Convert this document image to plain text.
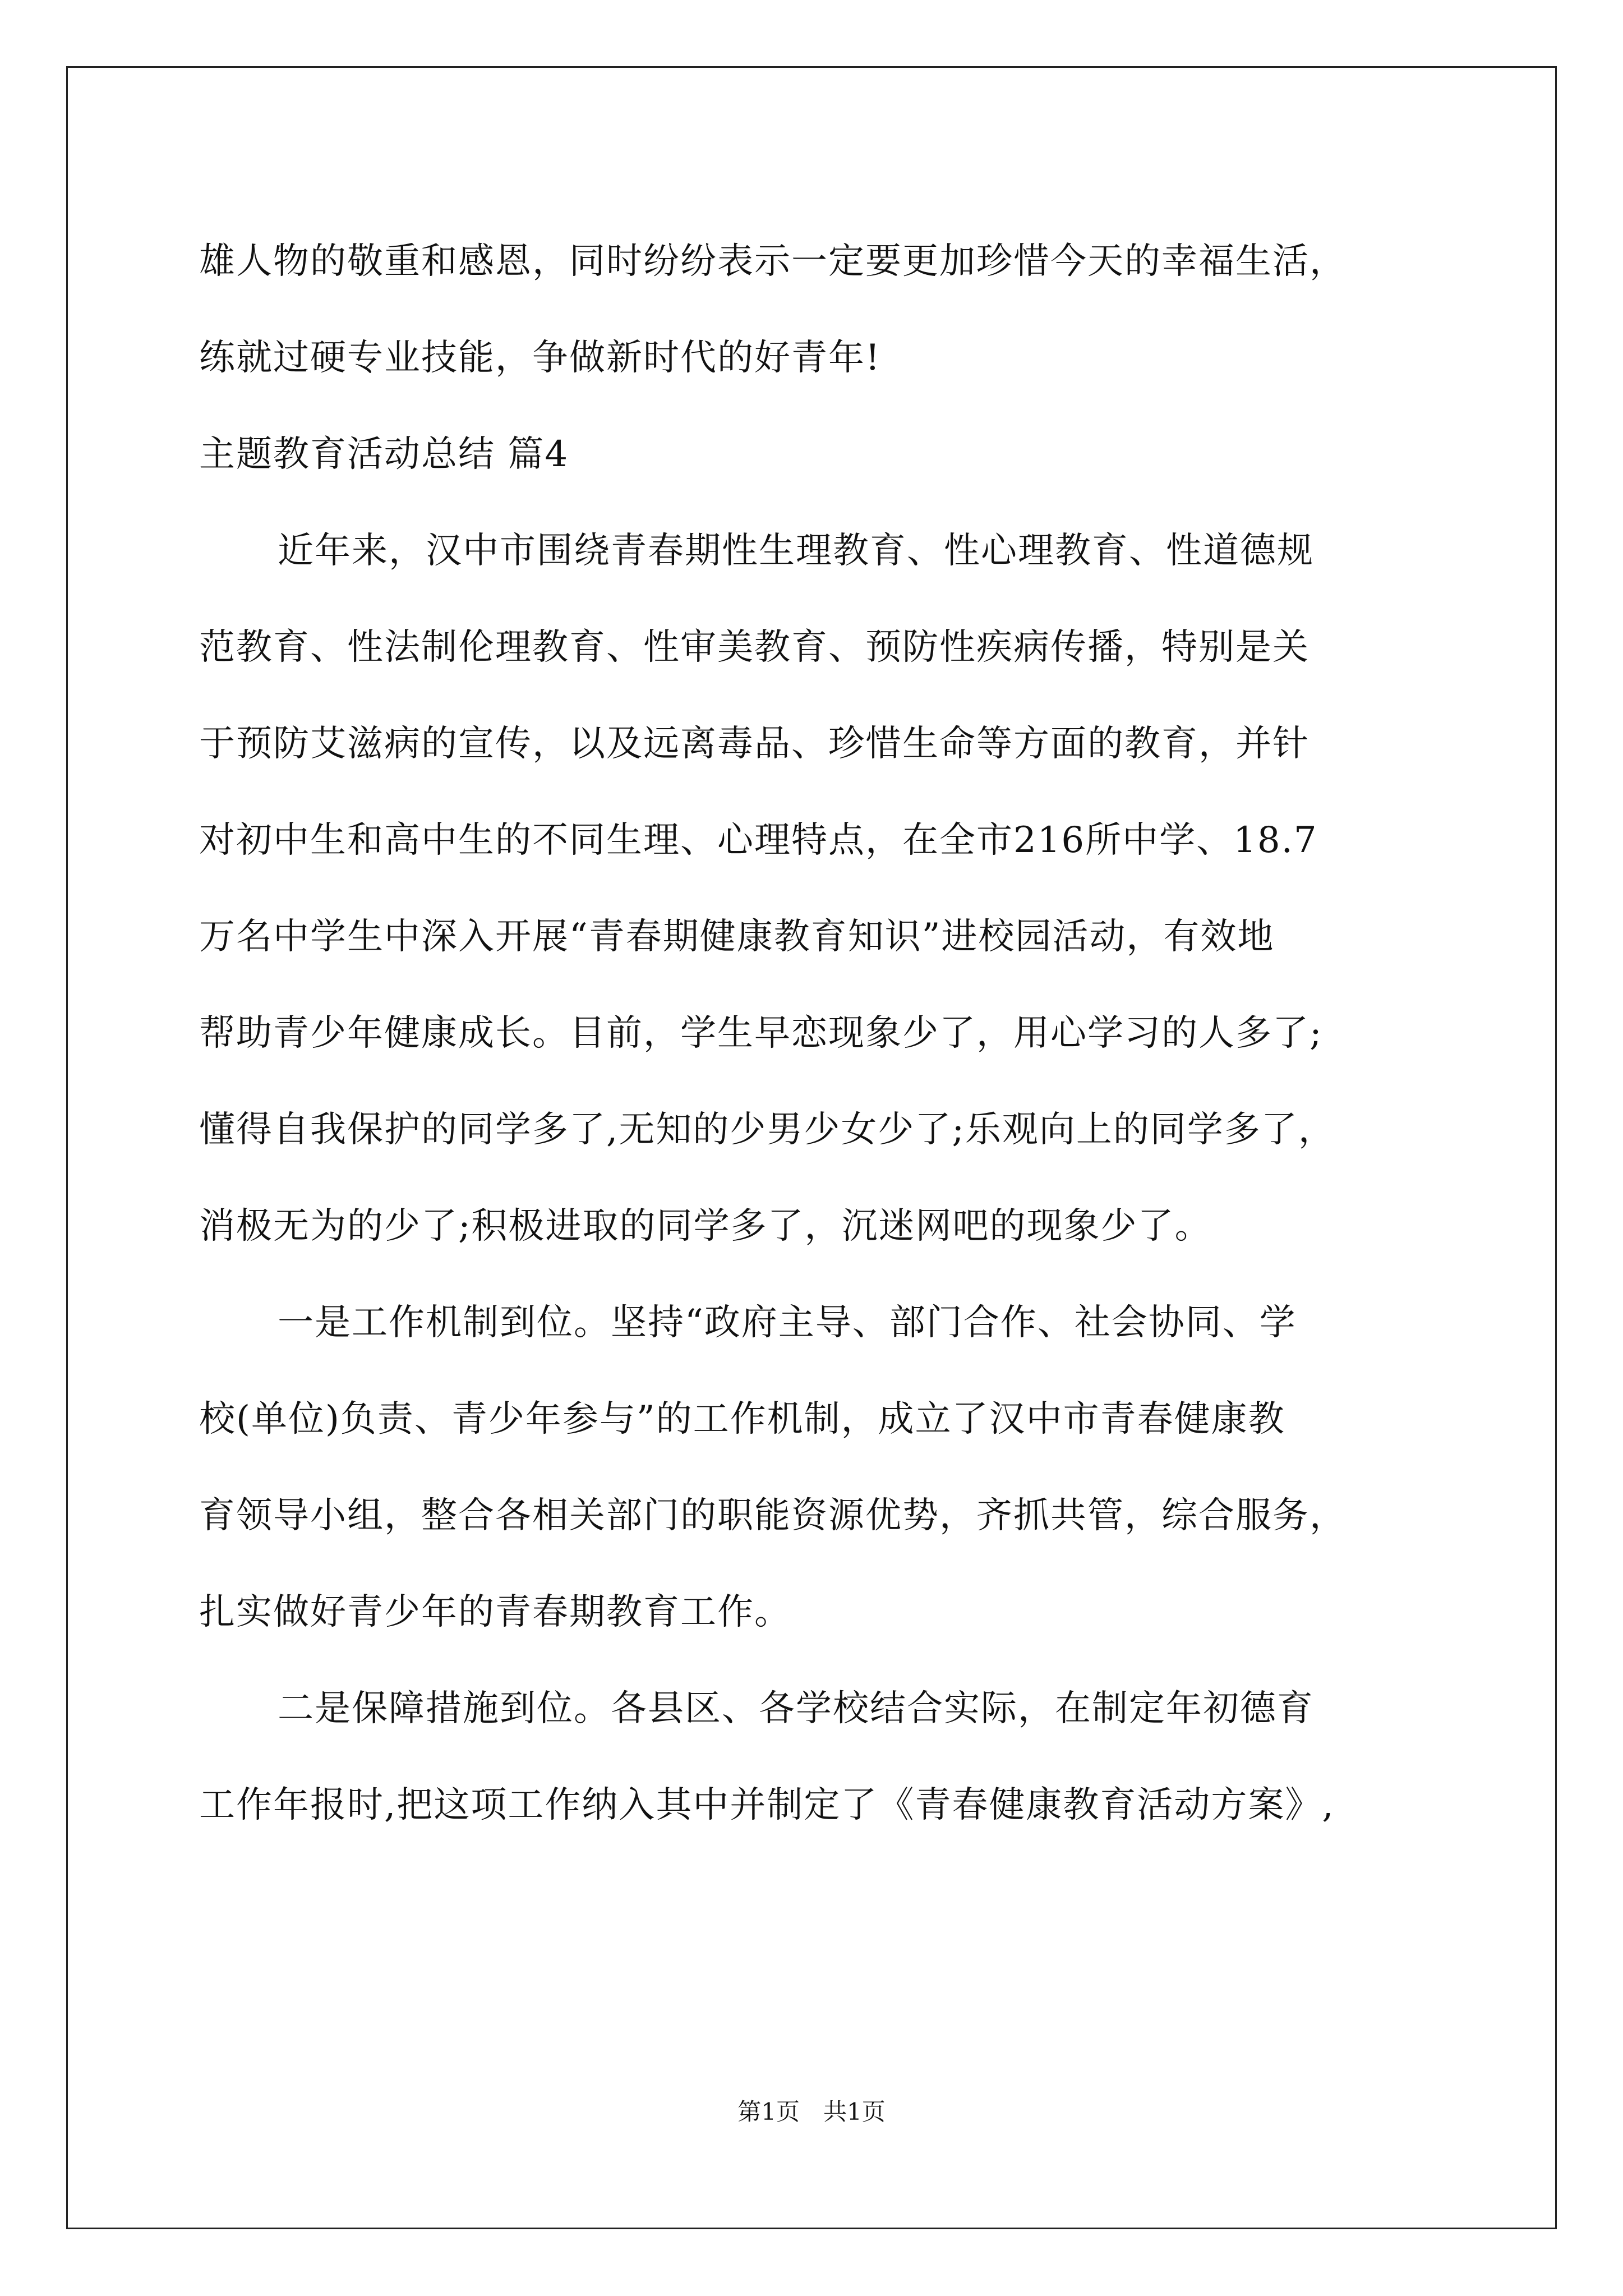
雄人物的敬重和感恩，同时纷纷表示一定要更加珍惜今天的幸福生活，
练就过硬专业技能，争做新时代的好青年!
主题教育活动总结 篇4
近年来，汉中市围绕青春期性生理教育、性心理教育、性道德规
范教育、性法制伦理教育、性审美教育、预防性疾病传播，特别是关
于预防艾滋病的宣传，以及远离毒品、珍惜生命等方面的教育，并针
对初中生和高中生的不同生理、心理特点，在全市216所中学、18.7
万名中学生中深入开展“青春期健康教育知识”进校园活动，有效地
帮助青少年健康成长。目前，学生早恋现象少了，用心学习的人多了;
懂得自我保护的同学多了,无知的少男少女少了;乐观向上的同学多了，
消极无为的少了;积极进取的同学多了，沉迷网吧的现象少了。
一是工作机制到位。坚持“政府主导、部门合作、社会协同、学
校(单位)负责、青少年参与”的工作机制，成立了汉中市青春健康教
育领导小组，整合各相关部门的职能资源优势，齐抓共管，综合服务，
扎实做好青少年的青春期教育工作。
二是保障措施到位。各县区、各学校结合实际，在制定年初德育
工作年报时,把这项工作纳入其中并制定了《青春健康教育活动方案》,
第1页　共1页
